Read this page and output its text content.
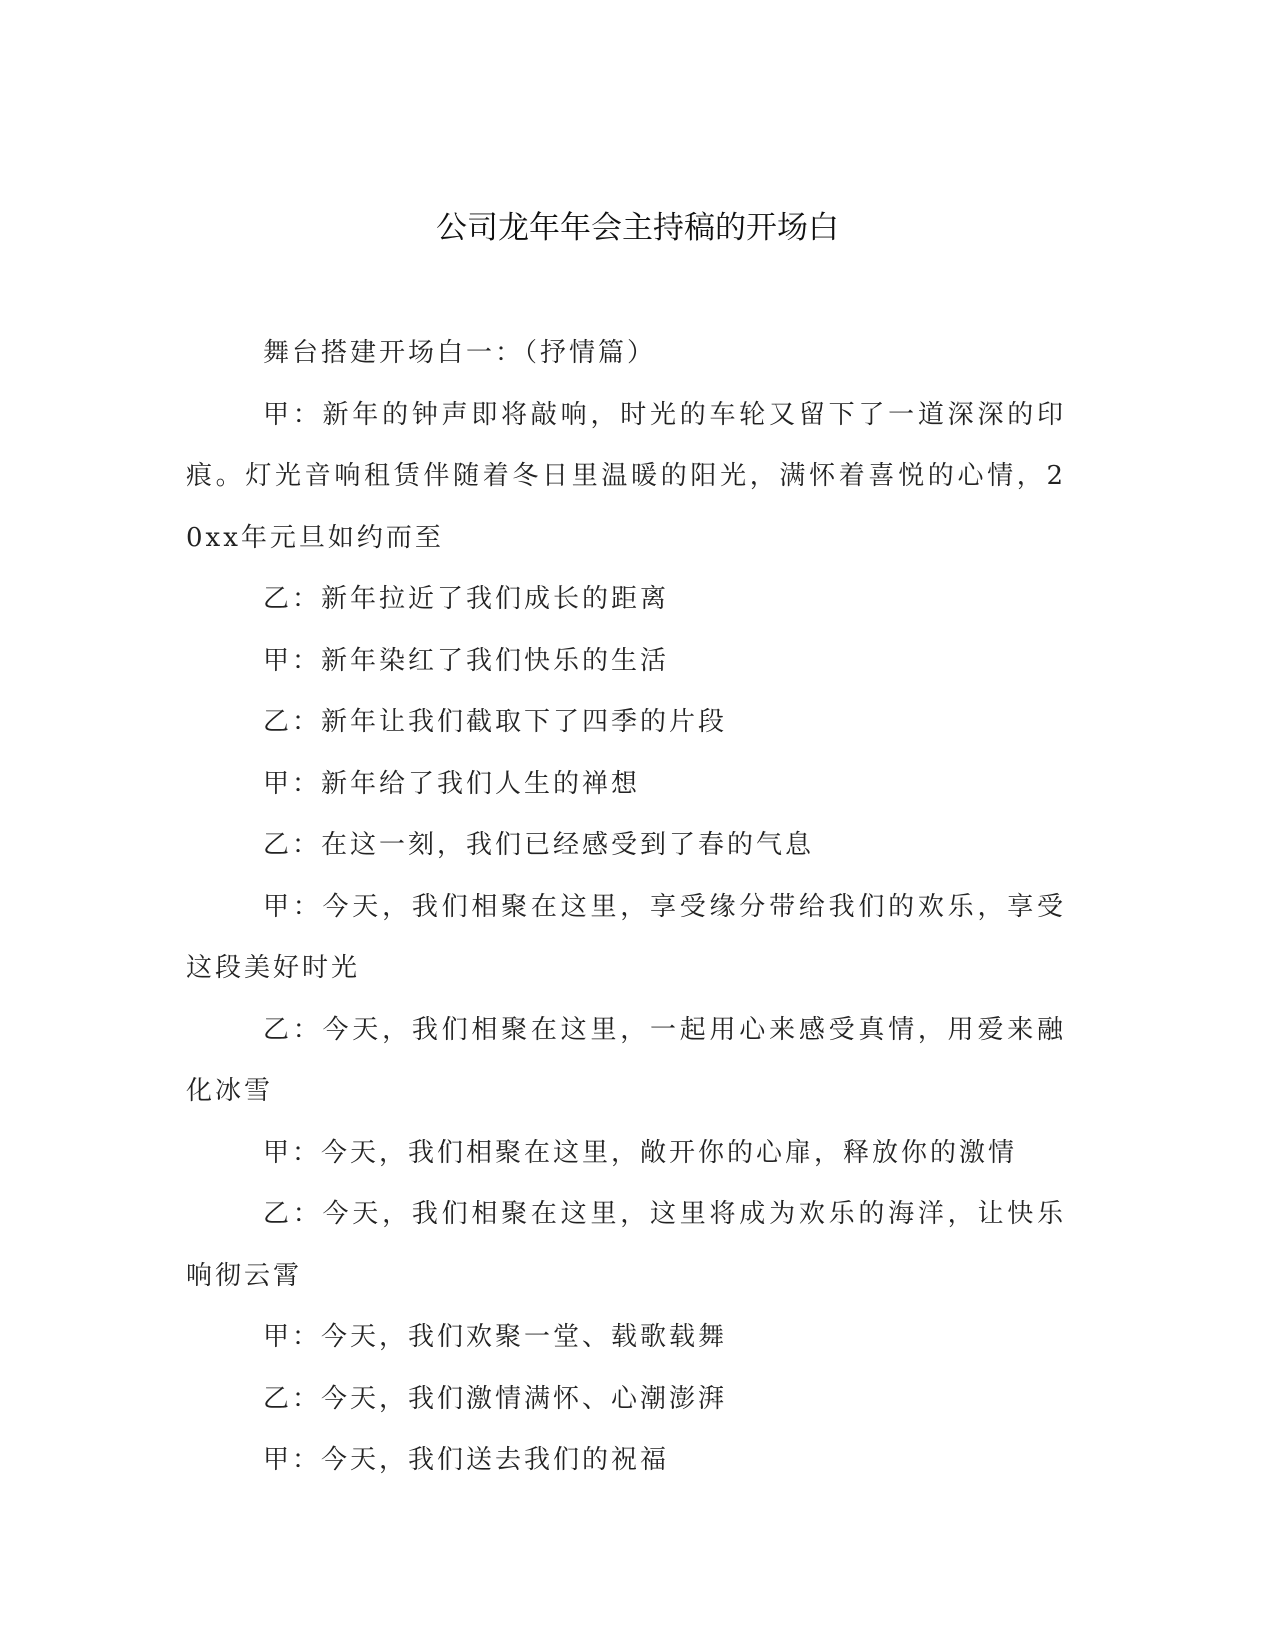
公司龙年年会主持稿的开场白

舞台搭建开场白一：（抒情篇）

甲：新年的钟声即将敲响，时光的车轮又留下了一道深深的印痕。灯光音响租赁伴随着冬日里温暖的阳光，满怀着喜悦的心情，20xx年元旦如约而至

乙：新年拉近了我们成长的距离

甲：新年染红了我们快乐的生活

乙：新年让我们截取下了四季的片段

甲：新年给了我们人生的禅想

乙：在这一刻，我们已经感受到了春的气息

甲：今天，我们相聚在这里，享受缘分带给我们的欢乐，享受这段美好时光

乙：今天，我们相聚在这里，一起用心来感受真情，用爱来融化冰雪

甲：今天，我们相聚在这里，敞开你的心扉，释放你的激情

乙：今天，我们相聚在这里，这里将成为欢乐的海洋，让快乐响彻云霄

甲：今天，我们欢聚一堂、载歌载舞

乙：今天，我们激情满怀、心潮澎湃

甲：今天，我们送去我们的祝福
